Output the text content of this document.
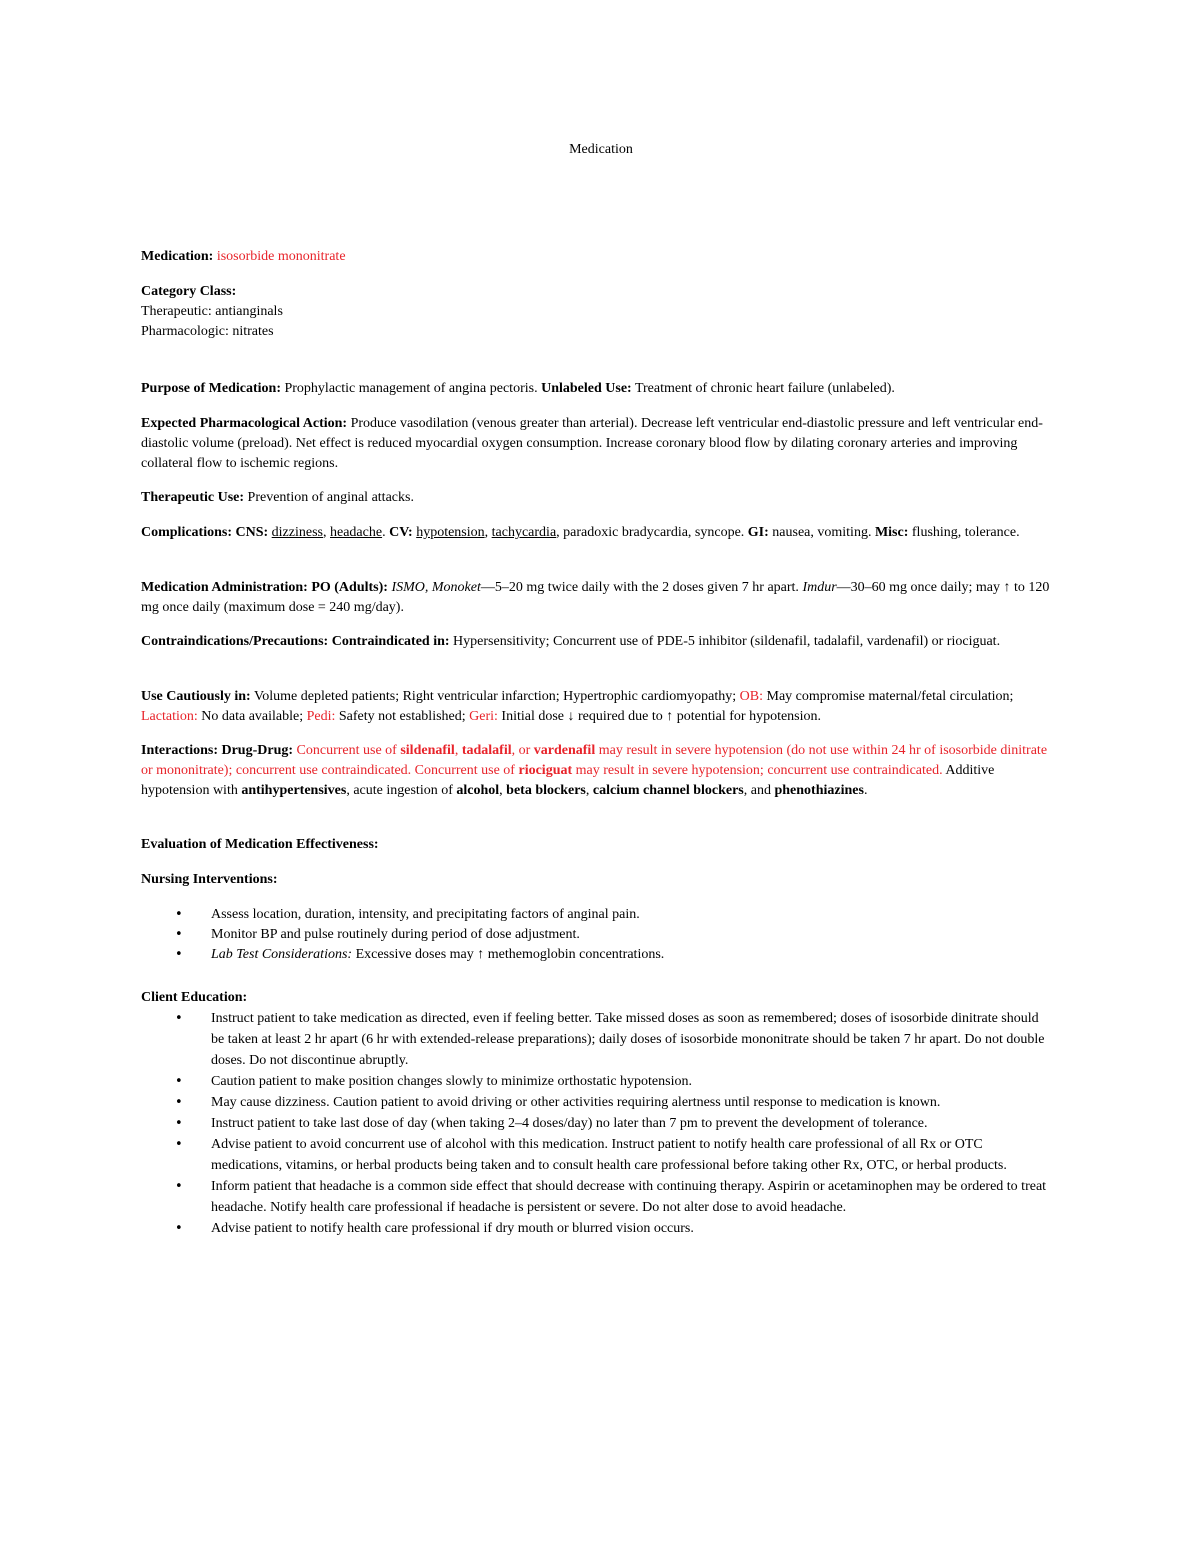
Medication

Medication: isosorbide mononitrate

Category Class:
Therapeutic: antianginals
Pharmacologic: nitrates

Purpose of Medication: Prophylactic management of angina pectoris. Unlabeled Use: Treatment of chronic heart failure (unlabeled).

Expected Pharmacological Action: Produce vasodilation (venous greater than arterial). Decrease left ventricular end-diastolic pressure and left ventricular end-diastolic volume (preload). Net effect is reduced myocardial oxygen consumption. Increase coronary blood flow by dilating coronary arteries and improving collateral flow to ischemic regions.

Therapeutic Use: Prevention of anginal attacks.

Complications: CNS: dizziness, headache. CV: hypotension, tachycardia, paradoxic bradycardia, syncope. GI: nausea, vomiting. Misc: flushing, tolerance.

Medication Administration: PO (Adults): ISMO, Monoket—5–20 mg twice daily with the 2 doses given 7 hr apart. Imdur—30–60 mg once daily; may ↑ to 120 mg once daily (maximum dose = 240 mg/day).

Contraindications/Precautions: Contraindicated in: Hypersensitivity; Concurrent use of PDE-5 inhibitor (sildenafil, tadalafil, vardenafil) or riociguat.

Use Cautiously in: Volume depleted patients; Right ventricular infarction; Hypertrophic cardiomyopathy; OB: May compromise maternal/fetal circulation; Lactation: No data available; Pedi: Safety not established; Geri: Initial dose ↓ required due to ↑ potential for hypotension.

Interactions: Drug-Drug: Concurrent use of sildenafil, tadalafil, or vardenafil may result in severe hypotension (do not use within 24 hr of isosorbide dinitrate or mononitrate); concurrent use contraindicated. Concurrent use of riociguat may result in severe hypotension; concurrent use contraindicated. Additive hypotension with antihypertensives, acute ingestion of alcohol, beta blockers, calcium channel blockers, and phenothiazines.

Evaluation of Medication Effectiveness:

Nursing Interventions:
• Assess location, duration, intensity, and precipitating factors of anginal pain.
• Monitor BP and pulse routinely during period of dose adjustment.
• Lab Test Considerations: Excessive doses may ↑ methemoglobin concentrations.
Client Education:
• Instruct patient to take medication as directed, even if feeling better. Take missed doses as soon as remembered; doses of isosorbide dinitrate should be taken at least 2 hr apart (6 hr with extended-release preparations); daily doses of isosorbide mononitrate should be taken 7 hr apart. Do not double doses. Do not discontinue abruptly.
• Caution patient to make position changes slowly to minimize orthostatic hypotension.
• May cause dizziness. Caution patient to avoid driving or other activities requiring alertness until response to medication is known.
• Instruct patient to take last dose of day (when taking 2–4 doses/day) no later than 7 pm to prevent the development of tolerance.
• Advise patient to avoid concurrent use of alcohol with this medication. Instruct patient to notify health care professional of all Rx or OTC medications, vitamins, or herbal products being taken and to consult health care professional before taking other Rx, OTC, or herbal products.
• Inform patient that headache is a common side effect that should decrease with continuing therapy. Aspirin or acetaminophen may be ordered to treat headache. Notify health care professional if headache is persistent or severe. Do not alter dose to avoid headache.
• Advise patient to notify health care professional if dry mouth or blurred vision occurs.
